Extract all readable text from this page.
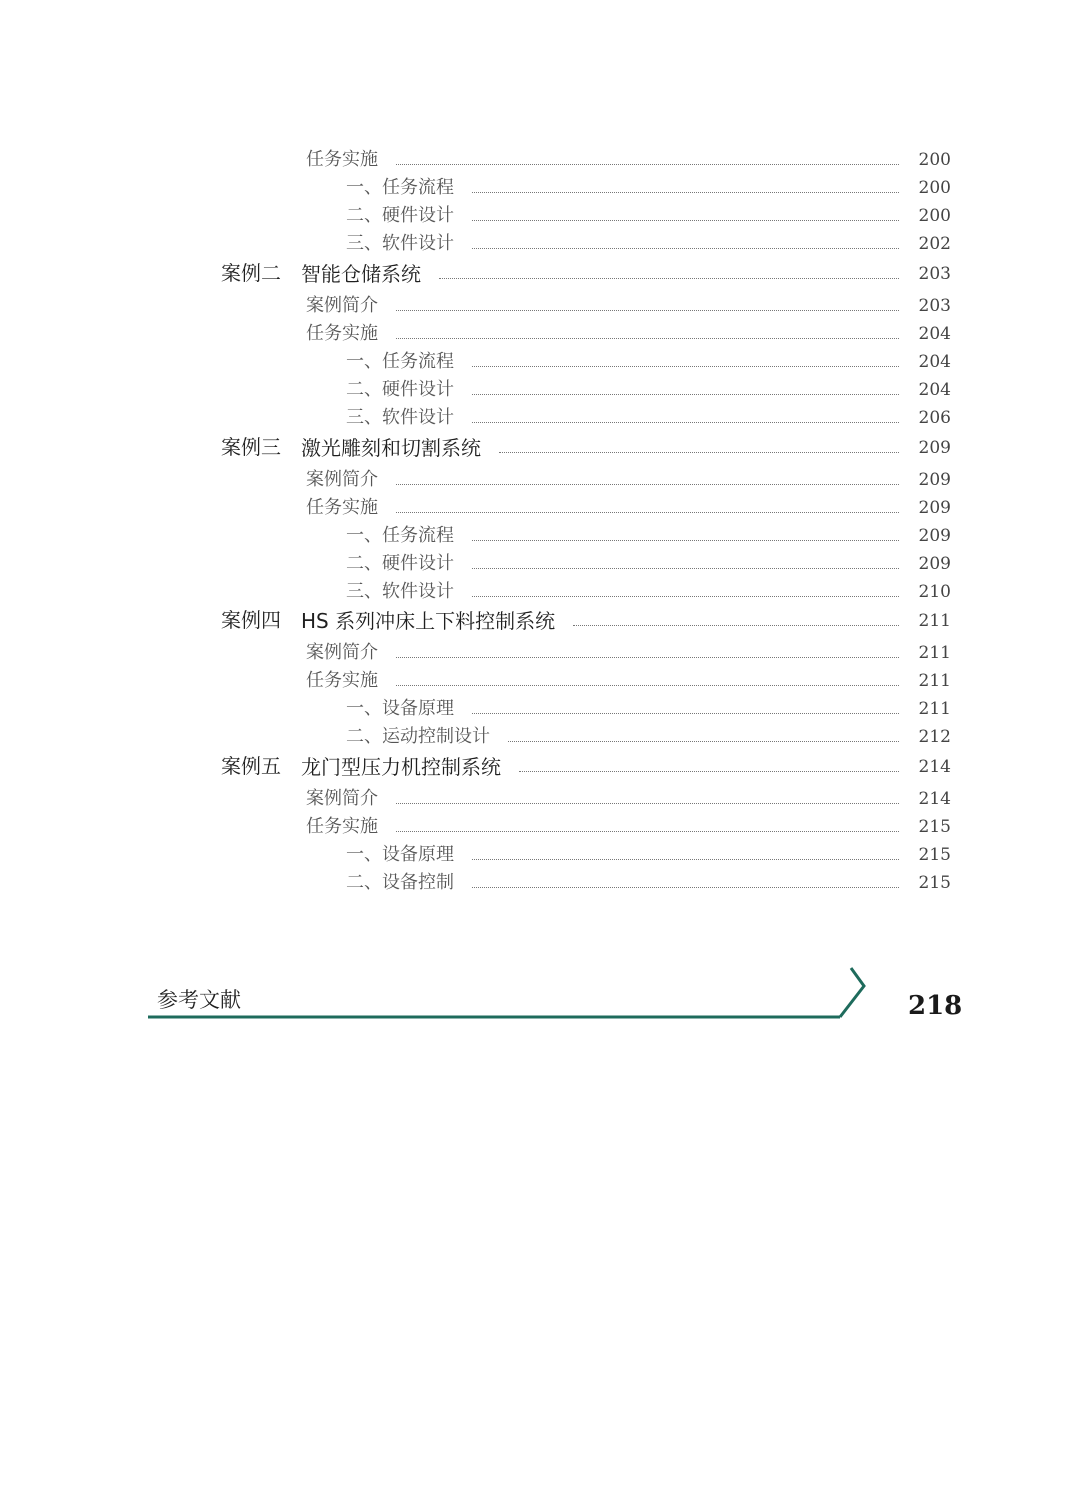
任务实施	200
一、任务流程	200
二、硬件设计	200
三、软件设计	202
案例二 智能仓储系统	203
案例简介	203
任务实施	204
一、任务流程	204
二、硬件设计	204
三、软件设计	206
案例三 激光雕刻和切割系统	209
案例简介	209
任务实施	209
一、任务流程	209
二、硬件设计	209
三、软件设计	210
案例四 HS 系列冲床上下料控制系统	211
案例简介	211
任务实施	211
一、设备原理	211
二、运动控制设计	212
案例五 龙门型压力机控制系统	214
案例简介	214
任务实施	215
一、设备原理	215
二、设备控制	215
参考文献	218
